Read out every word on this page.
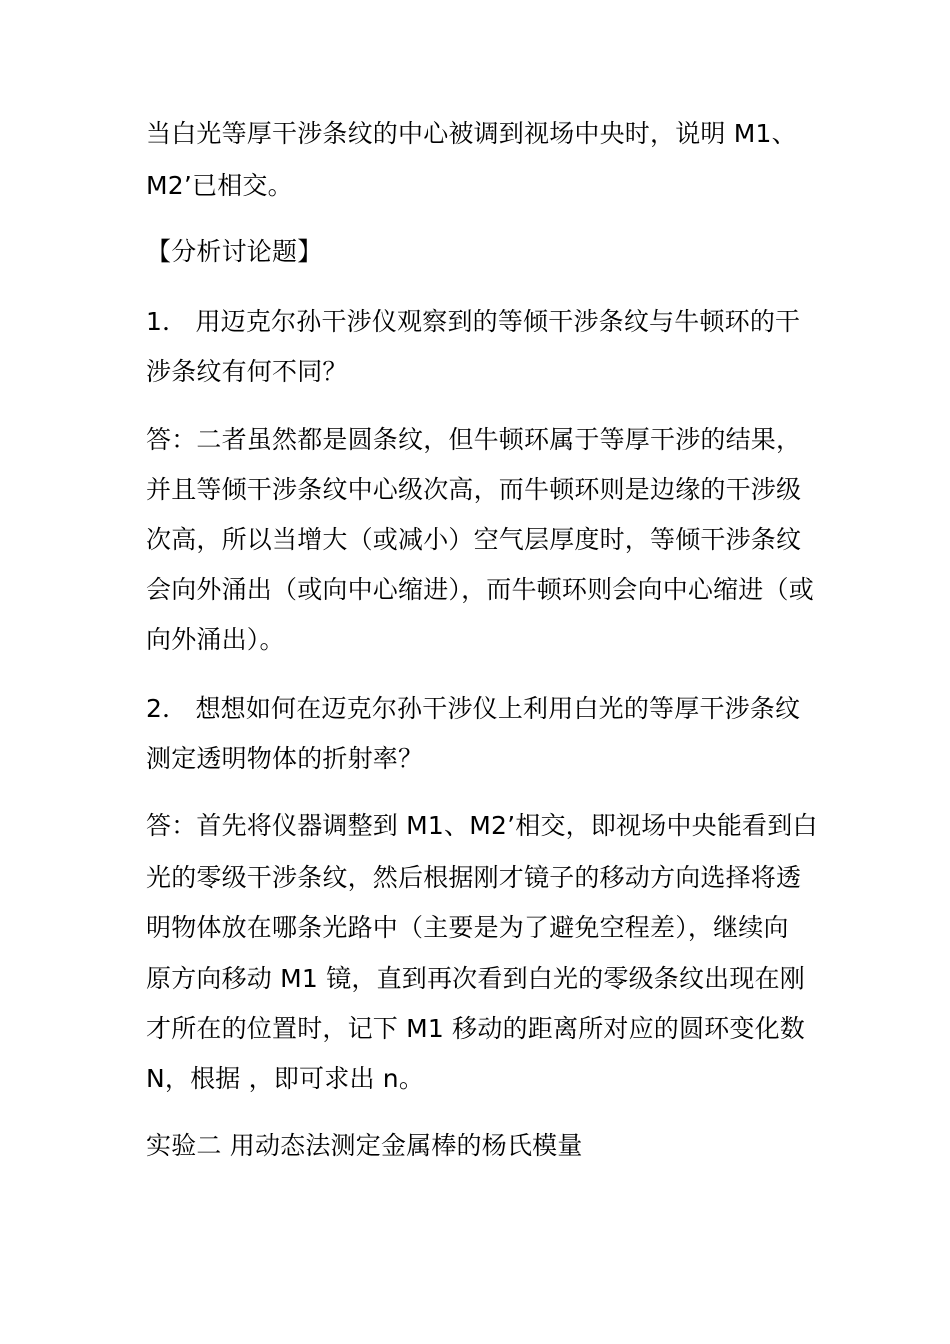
当白光等厚干涉条纹的中心被调到视场中央时，说明 M1、
M2’已相交。
【分析讨论题】
1． 用迈克尔孙干涉仪观察到的等倾干涉条纹与牛顿环的干
涉条纹有何不同？
答：二者虽然都是圆条纹，但牛顿环属于等厚干涉的结果，
并且等倾干涉条纹中心级次高，而牛顿环则是边缘的干涉级
次高，所以当增大（或减小）空气层厚度时，等倾干涉条纹
会向外涌出（或向中心缩进），而牛顿环则会向中心缩进（或
向外涌出）。
2． 想想如何在迈克尔孙干涉仪上利用白光的等厚干涉条纹
测定透明物体的折射率？
答：首先将仪器调整到 M1、M2’相交，即视场中央能看到白
光的零级干涉条纹，然后根据刚才镜子的移动方向选择将透
明物体放在哪条光路中（主要是为了避免空程差），继续向
原方向移动 M1 镜，直到再次看到白光的零级条纹出现在刚
才所在的位置时，记下 M1 移动的距离所对应的圆环变化数
N，根据 ，即可求出 n。
实验二 用动态法测定金属棒的杨氏模量
